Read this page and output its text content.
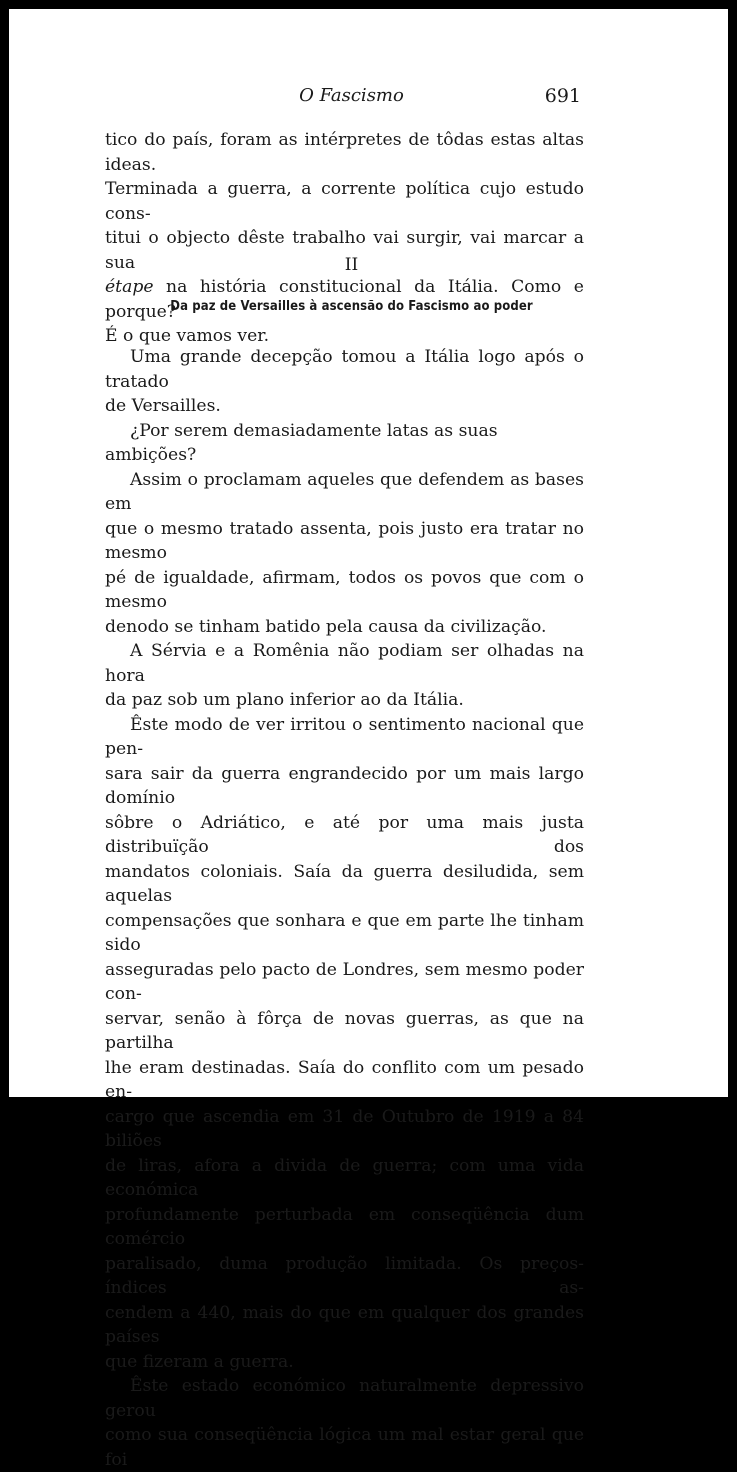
O Fascismo	691

tico do país, foram as intérpretes de tôdas estas altas ideas.

Terminada a guerra, a corrente política cujo estudo cons-

titui o objecto dêste trabalho vai surgir, vai marcar a sua

étape na história constitucional da Itália. Como e porque?

É o que vamos ver.

II
Da paz de Versailles à ascensão do Fascismo ao poder

Uma grande decepção tomou a Itália logo após o tratado

de Versailles.

¿Por serem demasiadamente latas as suas ambições?

Assim o proclamam aqueles que defendem as bases em

que o mesmo tratado assenta, pois justo era tratar no mesmo

pé de igualdade, afirmam, todos os povos que com o mesmo

denodo se tinham batido pela causa da civilização.

A Sérvia e a Romênia não podiam ser olhadas na hora

da paz sob um plano inferior ao da Itália.

Êste modo de ver irritou o sentimento nacional que pen-

sara sair da guerra engrandecido por um mais largo domínio

sôbre o Adriático, e até por uma mais justa distribuïção dos

mandatos coloniais. Saía da guerra desiludida, sem aquelas

compensações que sonhara e que em parte lhe tinham sido

asseguradas pelo pacto de Londres, sem mesmo poder con-

servar, senão à fôrça de novas guerras, as que na partilha

lhe eram destinadas. Saía do conflito com um pesado en-

cargo que ascendia em 31 de Outubro de 1919 a 84 biliões

de liras, afora a divida de guerra; com uma vida económica

profundamente perturbada em conseqüência dum comércio

paralisado, duma produção limitada. Os preços-índices as-

cendem a 440, mais do que em qualquer dos grandes países

que fizeram a guerra.

Êste estado económico naturalmente depressivo gerou

como sua conseqüência lógica um mal estar geral que foi
